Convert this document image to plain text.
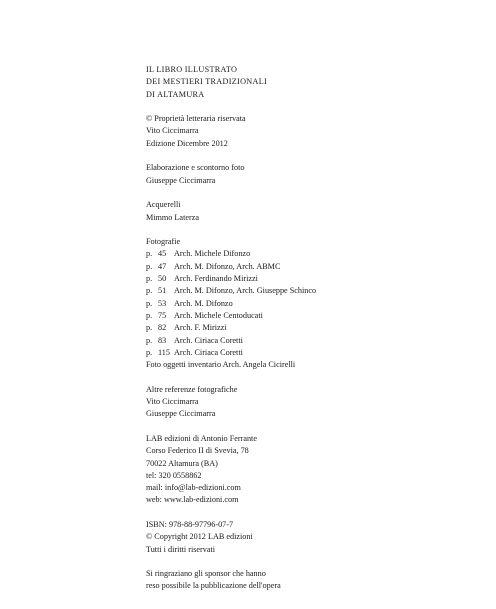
IL LIBRO ILLUSTRATO
DEI MESTIERI TRADIZIONALI
DI ALTAMURA
© Proprietà letteraria riservata
Vito Ciccimarra
Edizione Dicembre 2012
Elaborazione e scontorno foto
Giuseppe Ciccimarra
Acquerelli
Mimmo Laterza
Fotografie
p. 45 Arch. Michele Difonzo
p. 47 Arch. M. Difonzo, Arch. ABMC
p. 50 Arch. Ferdinando Mirizzi
p. 51 Arch. M. Difonzo, Arch. Giuseppe Schinco
p. 53 Arch. M. Difonzo
p. 75 Arch. Michele Centoducati
p. 82 Arch. F. Mirizzi
p. 83 Arch. Ciriaca Coretti
p. 115 Arch. Ciriaca Coretti
Foto oggetti inventario Arch. Angela Cicirelli
Altre referenze fotografiche
Vito Ciccimarra
Giuseppe Ciccimarra
LAB edizioni di Antonio Ferrante
Corso Federico II di Svevia, 78
70022 Altamura (BA)
tel: 320 0558862
mail: info@lab-edizioni.com
web: www.lab-edizioni.com
ISBN: 978-88-97796-07-7
© Copyright 2012 LAB edizioni
Tutti i diritti riservati
Si ringraziano gli sponsor che hanno
reso possibile la pubblicazione dell'opera
